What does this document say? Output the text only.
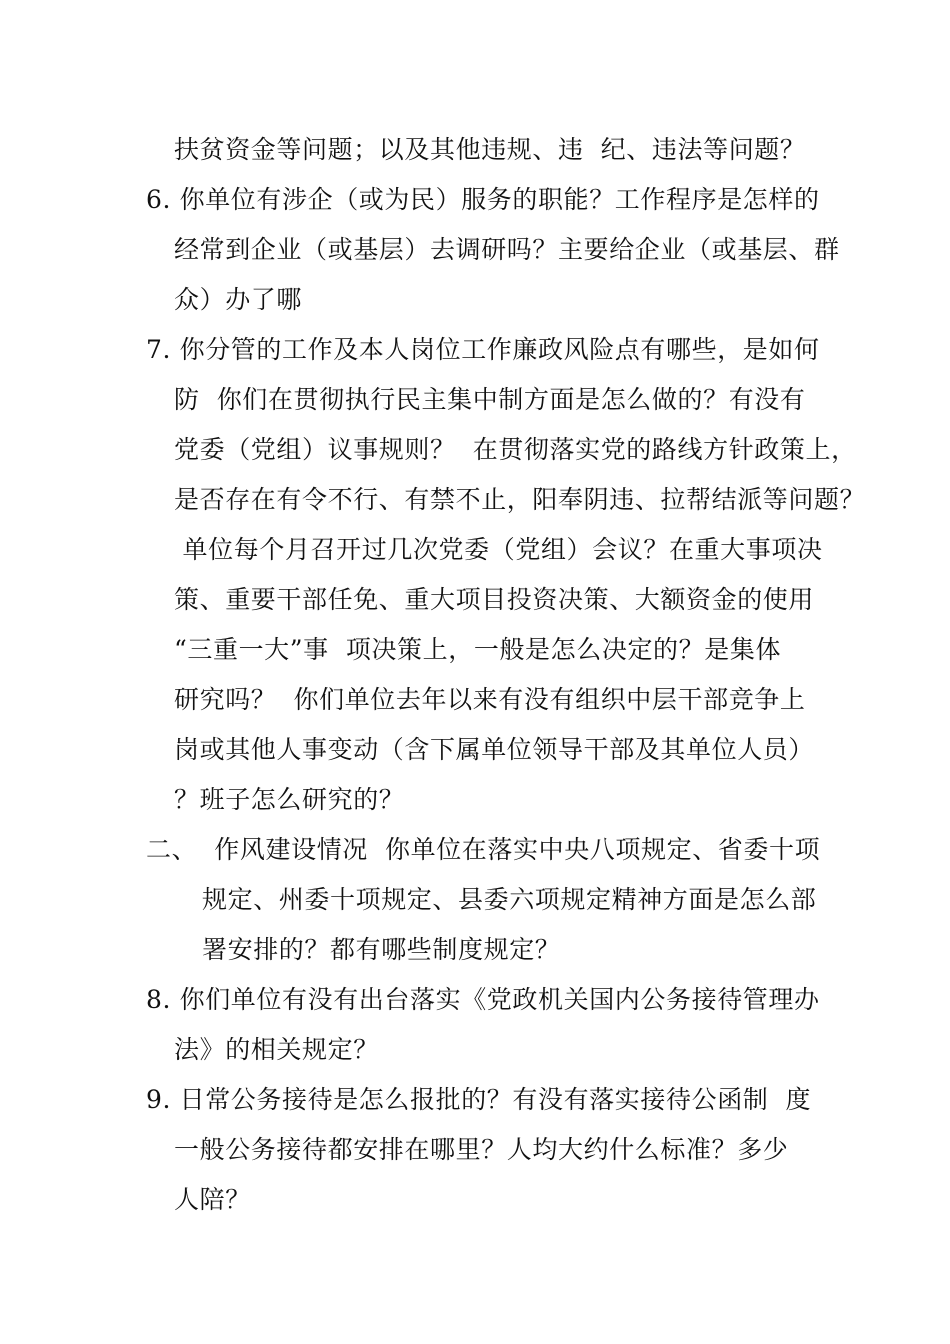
扶贫资金等问题；以及其他违规、违  纪、违法等问题？
6. 你单位有涉企（或为民）服务的职能？工作程序是怎样的
经常到企业（或基层）去调研吗？主要给企业（或基层、群
众）办了哪
7. 你分管的工作及本人岗位工作廉政风险点有哪些，是如何
防  你们在贯彻执行民主集中制方面是怎么做的？有没有
党委（党组）议事规则？  在贯彻落实党的路线方针政策上，
是否存在有令不行、有禁不止，阳奉阴违、拉帮结派等问题？
单位每个月召开过几次党委（党组）会议？在重大事项决
策、重要干部任免、重大项目投资决策、大额资金的使用
“三重一大”事  项决策上，一般是怎么决定的？是集体
研究吗？  你们单位去年以来有没有组织中层干部竞争上
岗或其他人事变动（含下属单位领导干部及其单位人员）
？班子怎么研究的？
二、  作风建设情况  你单位在落实中央八项规定、省委十项
规定、州委十项规定、县委六项规定精神方面是怎么部
署安排的？都有哪些制度规定？
8. 你们单位有没有出台落实《党政机关国内公务接待管理办
法》的相关规定？
9. 日常公务接待是怎么报批的？有没有落实接待公函制  度
一般公务接待都安排在哪里？人均大约什么标准？多少
人陪？
